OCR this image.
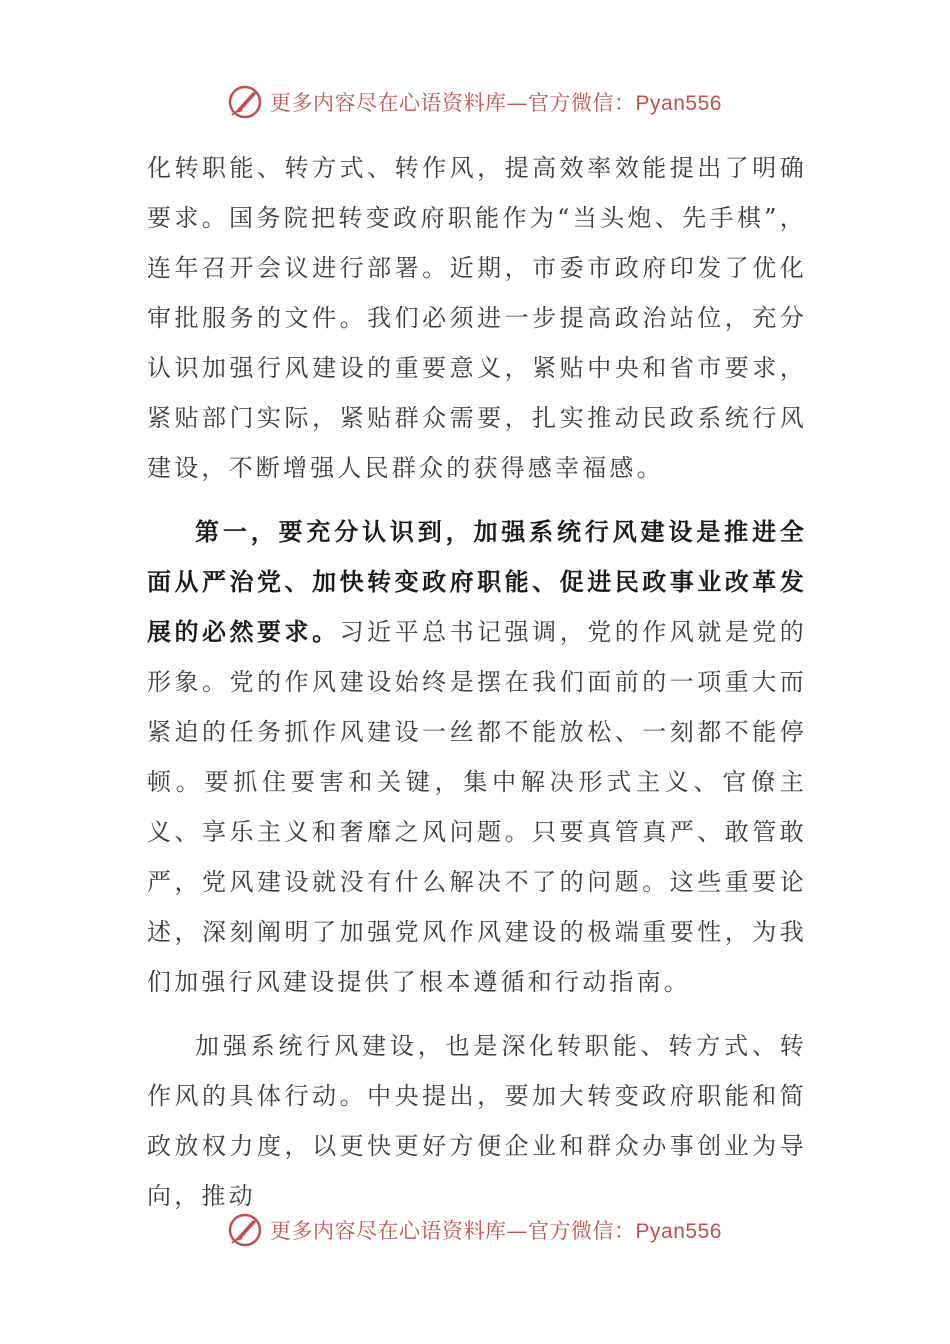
更多内容尽在心语资料库—官方微信：Pyan556

化转职能、转方式、转作风，提高效率效能提出了明确要求。国务院把转变政府职能作为“当头炮、先手棋”，连年召开会议进行部署。近期，市委市政府印发了优化审批服务的文件。我们必须进一步提高政治站位，充分认识加强行风建设的重要意义，紧贴中央和省市要求，紧贴部门实际，紧贴群众需要，扎实推动民政系统行风建设，不断增强人民群众的获得感幸福感。

第一，要充分认识到，加强系统行风建设是推进全面从严治党、加快转变政府职能、促进民政事业改革发展的必然要求。习近平总书记强调，党的作风就是党的形象。党的作风建设始终是摆在我们面前的一项重大而紧迫的任务抓作风建设一丝都不能放松、一刻都不能停顿。要抓住要害和关键，集中解决形式主义、官僚主义、享乐主义和奢靡之风问题。只要真管真严、敢管敢严，党风建设就没有什么解决不了的问题。这些重要论述，深刻阐明了加强党风作风建设的极端重要性，为我们加强行风建设提供了根本遵循和行动指南。

加强系统行风建设，也是深化转职能、转方式、转作风的具体行动。中央提出，要加大转变政府职能和简政放权力度，以更快更好方便企业和群众办事创业为导向，推动

更多内容尽在心语资料库—官方微信：Pyan556
